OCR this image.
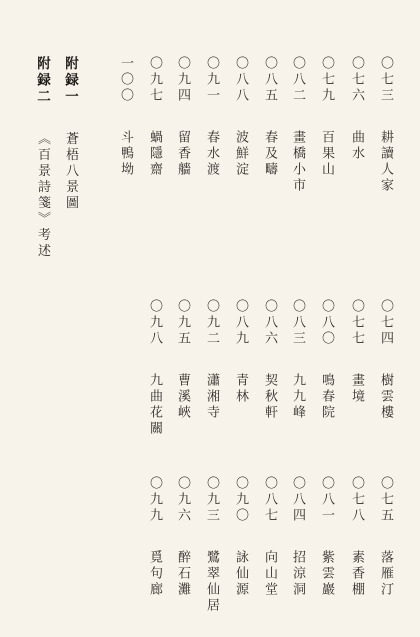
〇七三耕讀人家
〇七六曲水
〇七九百果山
〇八二畫橋小市
〇八五春及疇
〇八八波鮮淀
〇九一春水渡
〇九四留香艢
〇九七蝸隱齋
一〇〇斗鴨坳
〇七四樹雲樓
〇七七畫境
〇八〇鳴春院
〇八三九九峰
〇八六契秋軒
〇八九青林
〇九二瀟湘寺
〇九五曹溪峽
〇九八九曲花關
〇七五落雁汀
〇七八素香棚
〇八一紫雲巖
〇八四招涼洞
〇八七向山堂
〇九〇詠仙源
〇九三鷺翠仙居
〇九六醉石灘
〇九九覓句廊
附録一蒼梧八景圖
附録二《百景詩箋》考述
